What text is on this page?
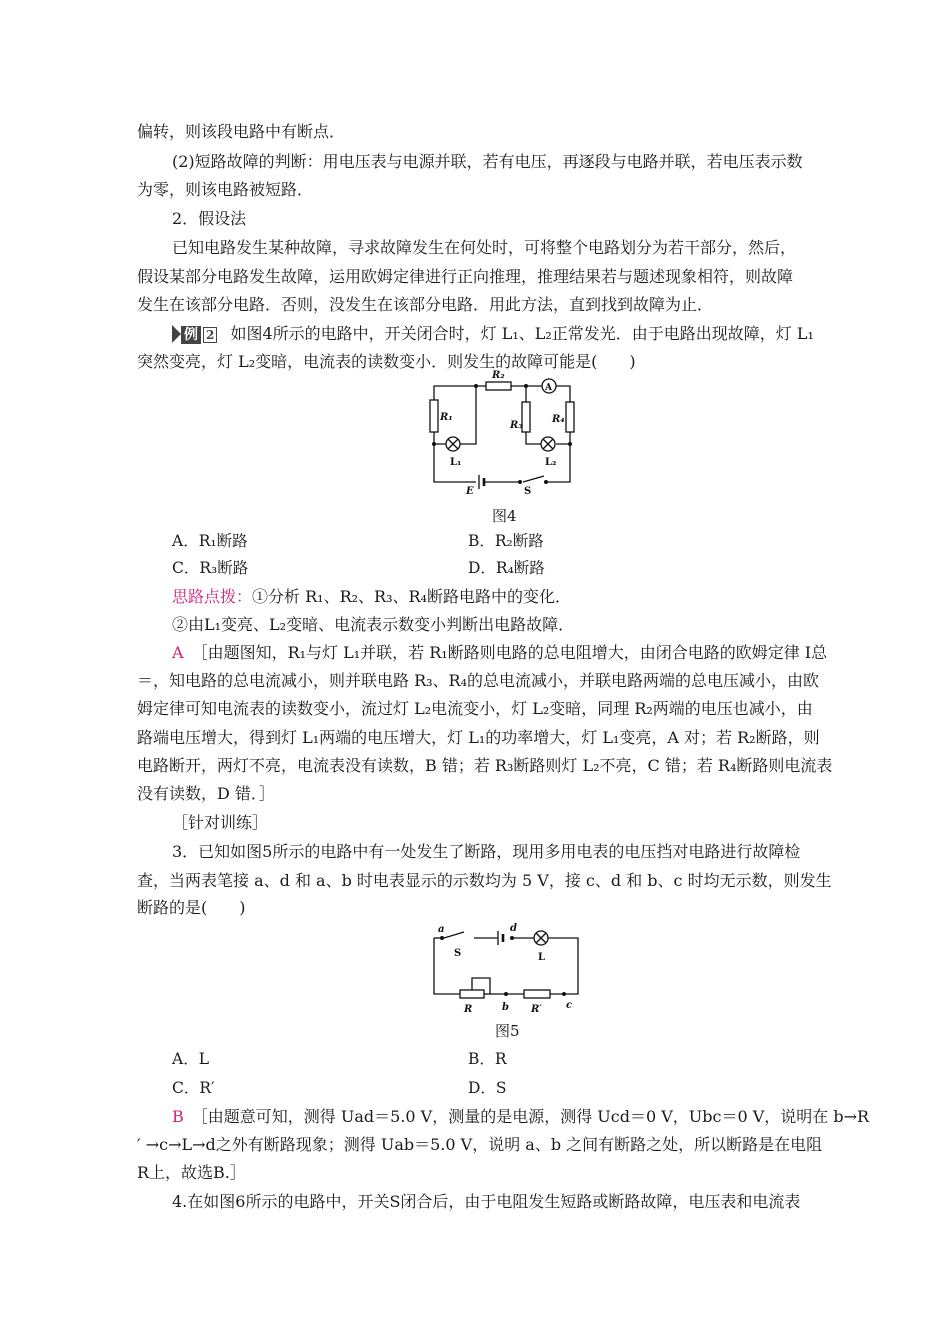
偏转，则该段电路中有断点．
(2)短路故障的判断：用电压表与电源并联，若有电压，再逐段与电路并联，若电压表示数
为零，则该电路被短路．
2．假设法
已知电路发生某种故障，寻求故障发生在何处时，可将整个电路划分为若干部分，然后，
假设某部分电路发生故障，运用欧姆定律进行正向推理，推理结果若与题述现象相符，则故障
发生在该部分电路．否则，没发生在该部分电路．用此方法，直到找到故障为止．
例 2 如图4所示的电路中，开关闭合时，灯 L₁、L₂正常发光．由于电路出现故障，灯 L₁
突然变亮，灯 L₂变暗，电流表的读数变小．则发生的故障可能是(　　)
R₂
R₁
R₃
R₄
L₁	L₂
A
E	S
图4
A．R₁断路	B．R₂断路
C．R₃断路	D．R₄断路
思路点拨：①分析 R₁、R₂、R₃、R₄断路电路中的变化．
②由L₁变亮、L₂变暗、电流表示数变小判断出电路故障．
A ［由题图知，R₁与灯 L₁并联，若 R₁断路则电路的总电阻增大，由闭合电路的欧姆定律 I总
＝，知电路的总电流减小，则并联电路 R₃、R₄的总电流减小，并联电路两端的总电压减小，由欧
姆定律可知电流表的读数变小，流过灯 L₂电流变小，灯 L₂变暗，同理 R₂两端的电压也减小，由
路端电压增大，得到灯 L₁两端的电压增大，灯 L₁的功率增大，灯 L₁变亮，A 对；若 R₂断路，则
电路断开，两灯不亮，电流表没有读数，B 错；若 R₃断路则灯 L₂不亮，C 错；若 R₄断路则电流表
没有读数，D 错．］
［针对训练］
3．已知如图5所示的电路中有一处发生了断路，现用多用电表的电压挡对电路进行故障检
查，当两表笔接 a、d 和 a、b 时电表显示的示数均为 5 V，接 c、d 和 b、c 时均无示数，则发生
断路的是(　　)
a	d
S	L
R	b R′ c
图5
A．L	B．R
C．R′	D．S
B ［由题意可知，测得 Uad＝5.0 V，测量的是电源，测得 Ucd＝0 V，Ubc＝0 V，说明在 b→R
′ →c→L→d之外有断路现象；测得 Uab＝5.0 V，说明 a、b 之间有断路之处，所以断路是在电阻
R上，故选B.］
4.在如图6所示的电路中，开关S闭合后，由于电阻发生短路或断路故障，电压表和电流表
